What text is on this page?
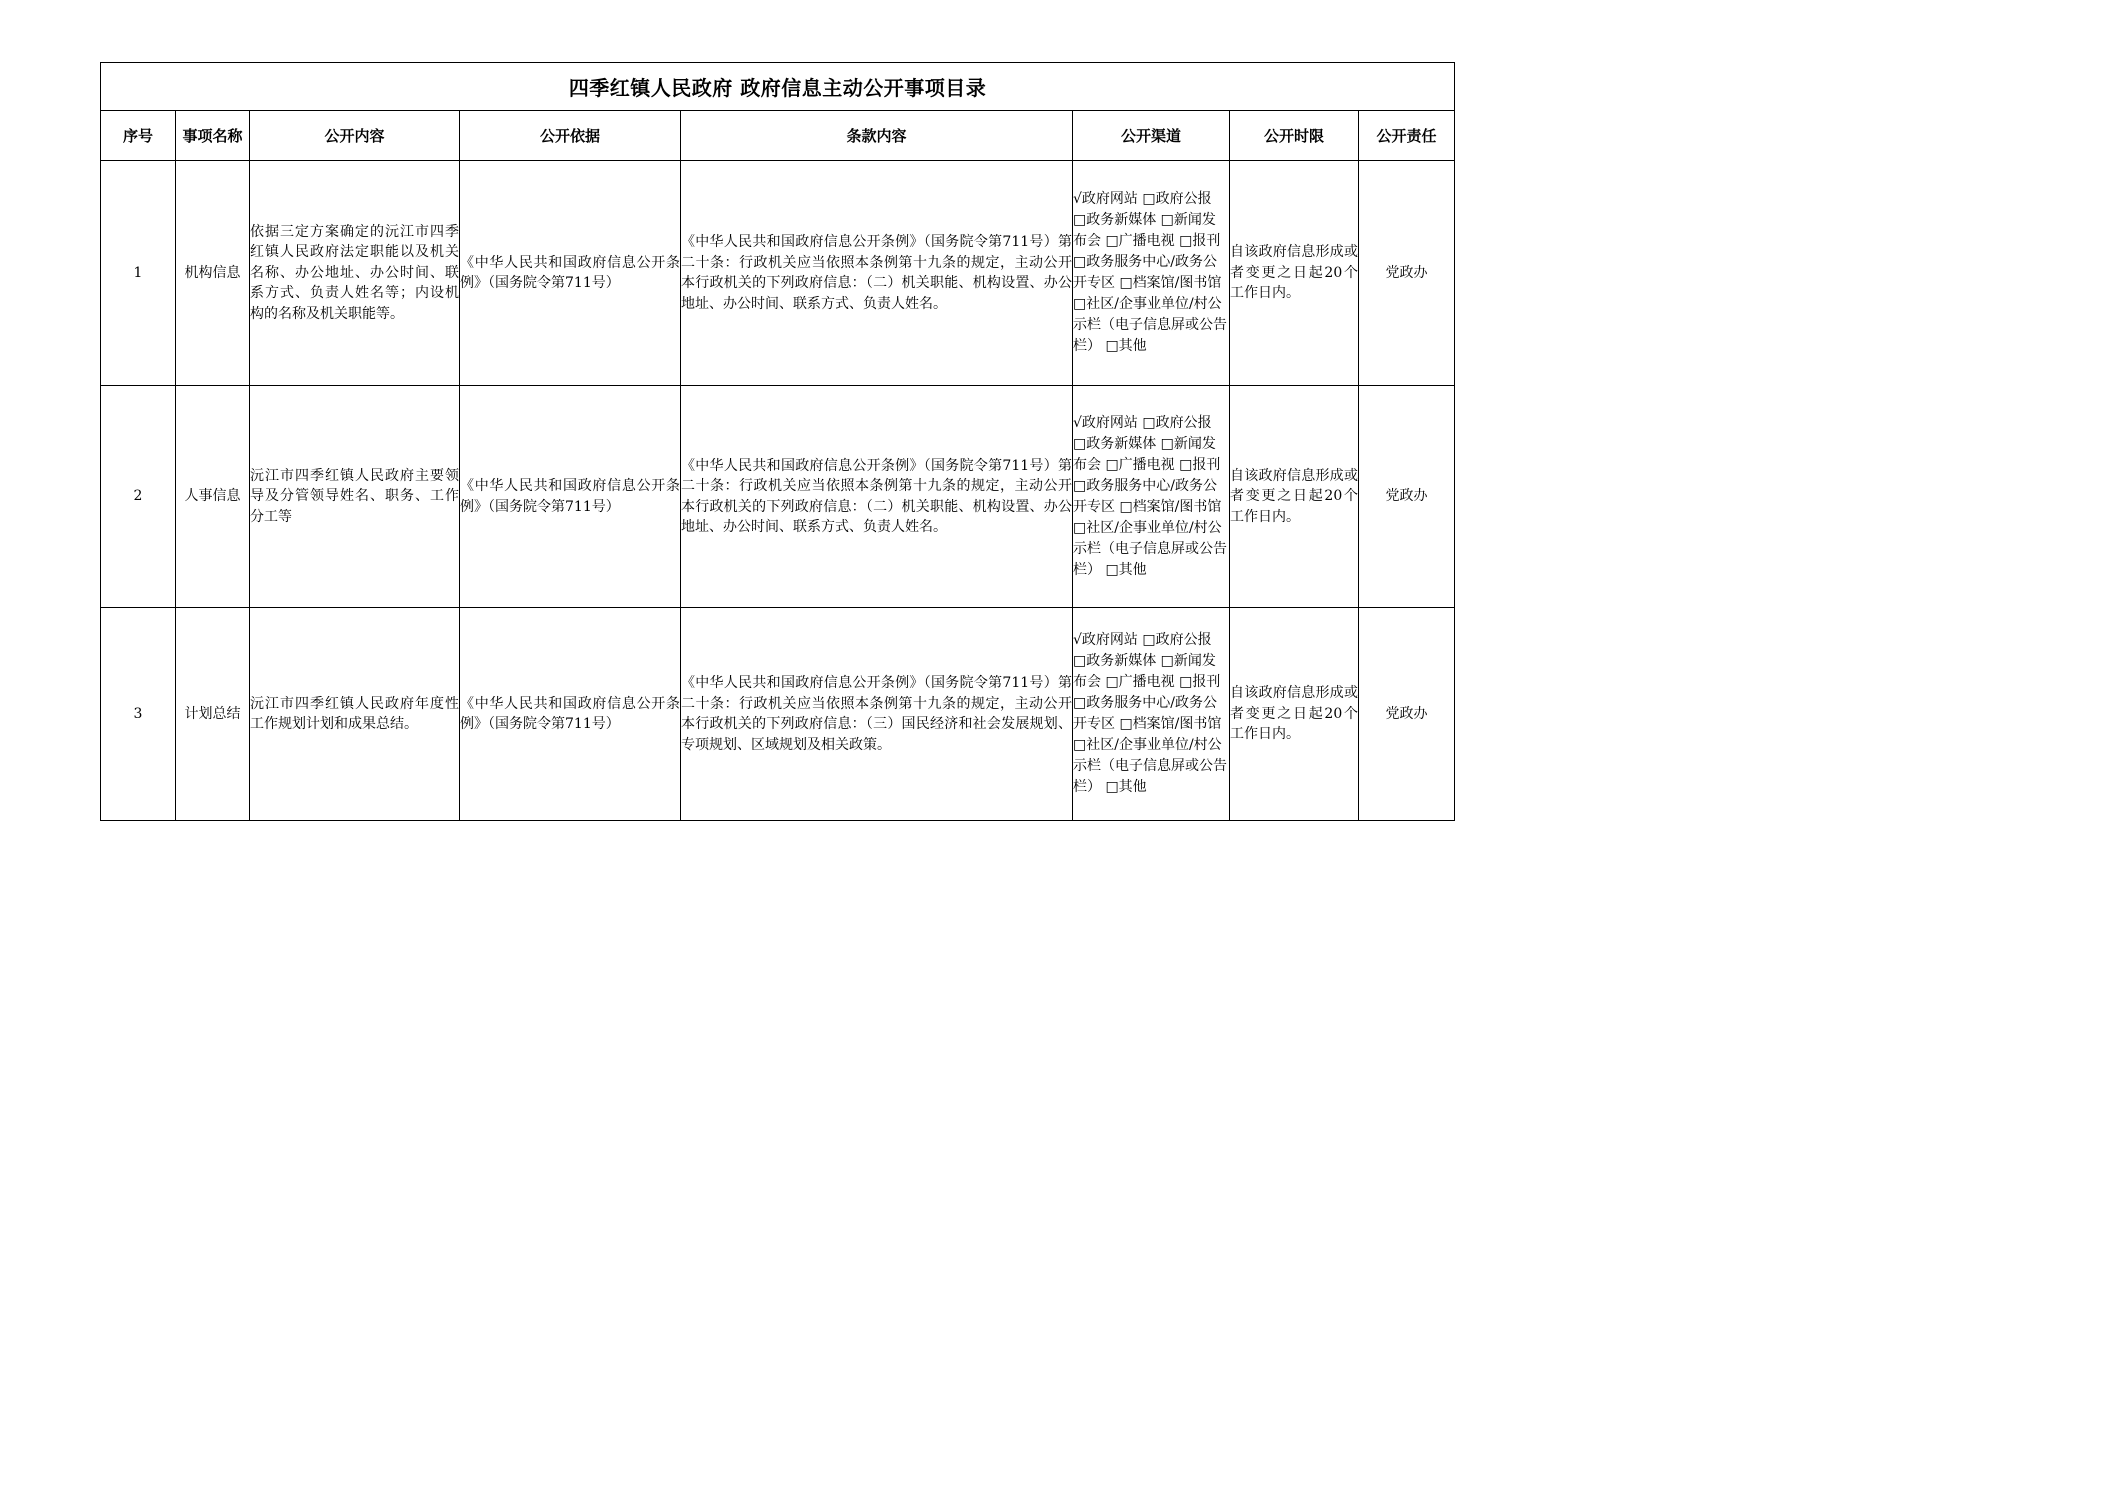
四季红镇人民政府 政府信息主动公开事项目录							
序号	事项名称	公开内容	公开依据	条款内容	公开渠道	公开时限	公开责任
1	机构信息	依据三定方案确定的沅江市四季红镇人民政府法定职能以及机关名称、办公地址、办公时间、联系方式、负责人姓名等；内设机构的名称及机关职能等。	《中华人民共和国政府信息公开条例》（国务院令第711号）	《中华人民共和国政府信息公开条例》（国务院令第711号）第二十条：行政机关应当依照本条例第十九条的规定，主动公开本行政机关的下列政府信息：（二）机关职能、机构设置、办公地址、办公时间、联系方式、负责人姓名。	√政府网站 □政府公报 □政务新媒体 □新闻发布会 □广播电视 □报刊 □政务服务中心/政务公开专区 □档案馆/图书馆 □社区/企事业单位/村公示栏（电子信息屏或公告栏） □其他	自该政府信息形成或者变更之日起20个工作日内。	党政办
2	人事信息	沅江市四季红镇人民政府主要领导及分管领导姓名、职务、工作分工等	《中华人民共和国政府信息公开条例》（国务院令第711号）	《中华人民共和国政府信息公开条例》（国务院令第711号）第二十条：行政机关应当依照本条例第十九条的规定，主动公开本行政机关的下列政府信息：（二）机关职能、机构设置、办公地址、办公时间、联系方式、负责人姓名。	√政府网站 □政府公报 □政务新媒体 □新闻发布会 □广播电视 □报刊 □政务服务中心/政务公开专区 □档案馆/图书馆 □社区/企事业单位/村公示栏（电子信息屏或公告栏） □其他	自该政府信息形成或者变更之日起20个工作日内。	党政办
3	计划总结	沅江市四季红镇人民政府年度性工作规划计划和成果总结。	《中华人民共和国政府信息公开条例》（国务院令第711号）	《中华人民共和国政府信息公开条例》（国务院令第711号）第二十条：行政机关应当依照本条例第十九条的规定，主动公开本行政机关的下列政府信息：（三）国民经济和社会发展规划、专项规划、区域规划及相关政策。	√政府网站 □政府公报 □政务新媒体 □新闻发布会 □广播电视 □报刊 □政务服务中心/政务公开专区 □档案馆/图书馆 □社区/企事业单位/村公示栏（电子信息屏或公告栏） □其他	自该政府信息形成或者变更之日起20个工作日内。	党政办
